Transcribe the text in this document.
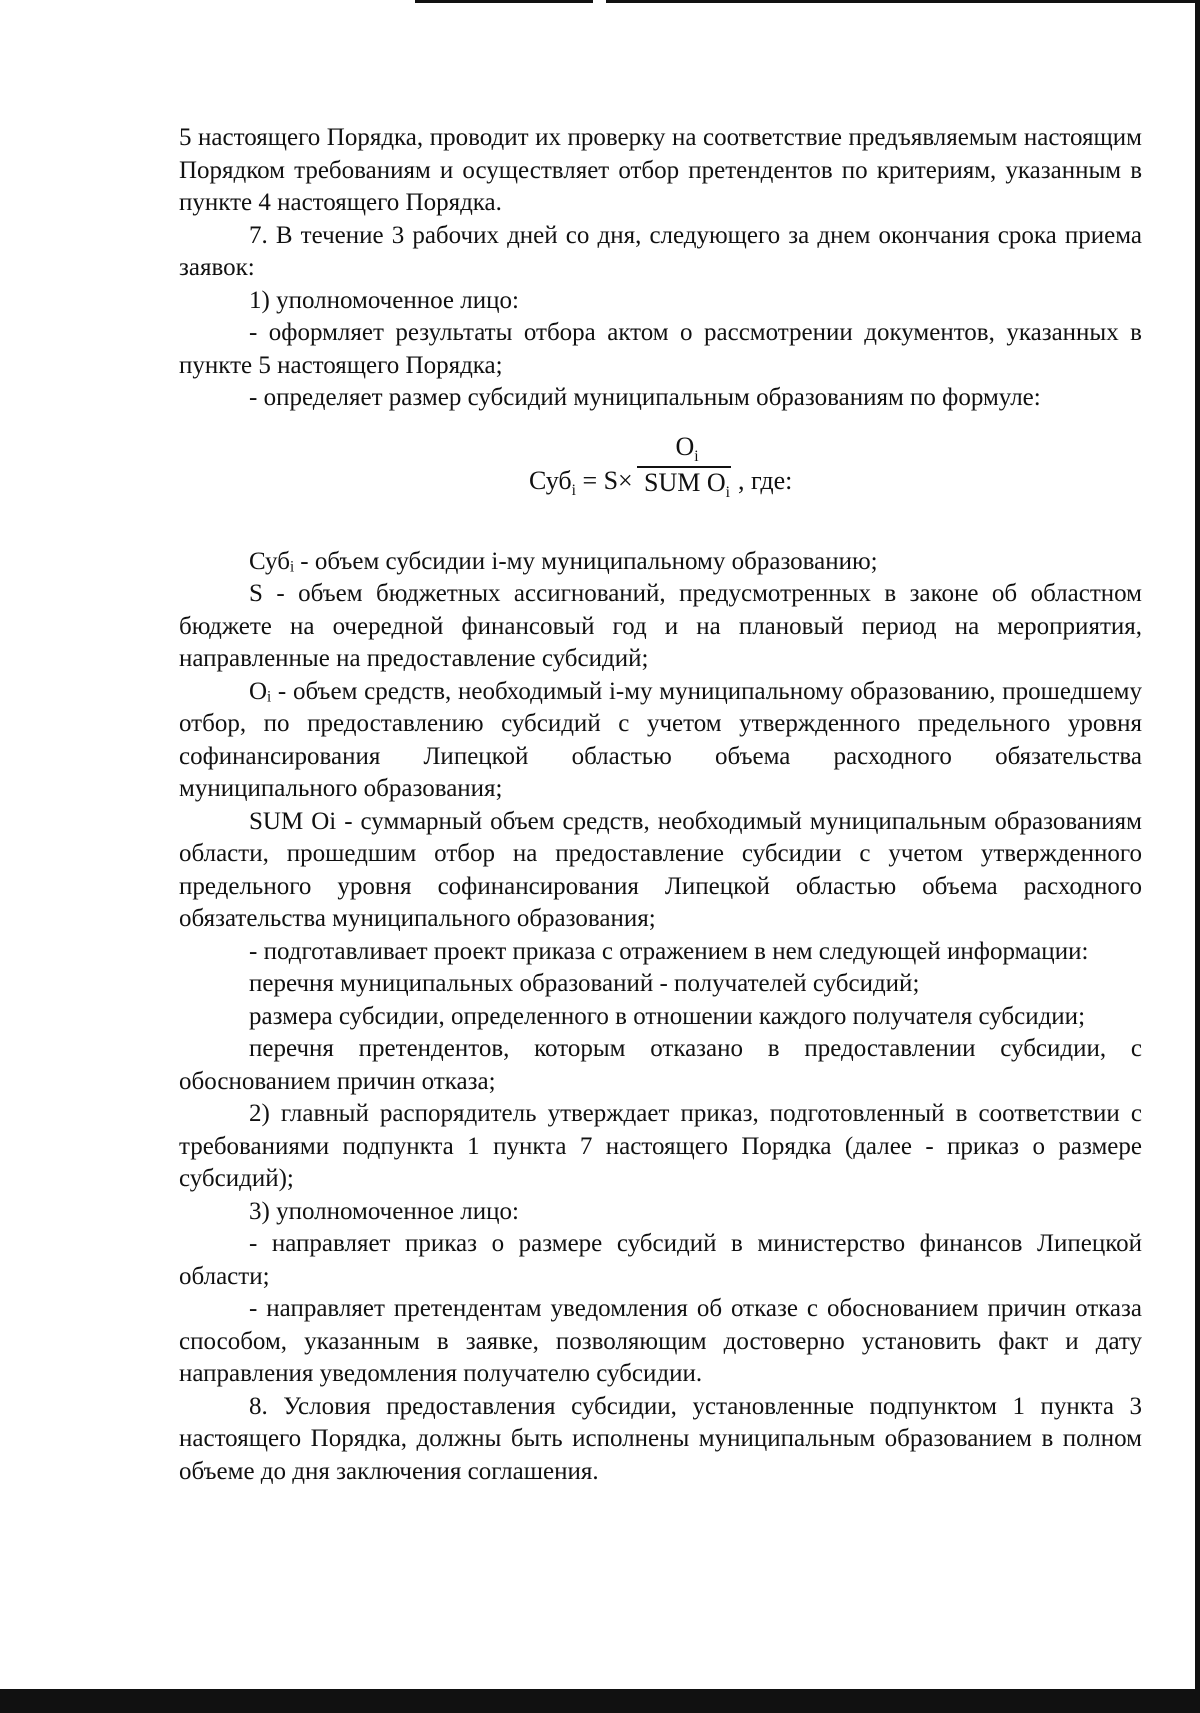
5 настоящего Порядка, проводит их проверку на соответствие предъявляемым настоящим Порядком требованиям и осуществляет отбор претендентов по критериям, указанным в пункте 4 настоящего Порядка.

7. В течение 3 рабочих дней со дня, следующего за днем окончания срока приема заявок:

1) уполномоченное лицо:

- оформляет результаты отбора актом о рассмотрении документов, указанных в пункте 5 настоящего Порядка;

- определяет размер субсидий муниципальным образованиям по формуле:

Суб$_i$ = S×
$O_i$
SUM $O_i$ , где:

Субᵢ - объем субсидии i-му муниципальному образованию;

S - объем бюджетных ассигнований, предусмотренных в законе об областном бюджете на очередной финансовый год и на плановый период на мероприятия, направленные на предоставление субсидий;

Оᵢ - объем средств, необходимый i-му муниципальному образованию, прошедшему отбор, по предоставлению субсидий с учетом утвержденного предельного уровня софинансирования Липецкой областью объема расходного обязательства муниципального образования;

SUM Oi - суммарный объем средств, необходимый муниципальным образованиям области, прошедшим отбор на предоставление субсидии с учетом утвержденного предельного уровня софинансирования Липецкой областью объема расходного обязательства муниципального образования;

- подготавливает проект приказа с отражением в нем следующей информации:

перечня муниципальных образований - получателей субсидий;

размера субсидии, определенного в отношении каждого получателя субсидии;

перечня претендентов, которым отказано в предоставлении субсидии, с обоснованием причин отказа;

2) главный распорядитель утверждает приказ, подготовленный в соответствии с требованиями подпункта 1 пункта 7 настоящего Порядка (далее - приказ о размере субсидий);

3) уполномоченное лицо:

- направляет приказ о размере субсидий в министерство финансов Липецкой области;

- направляет претендентам уведомления об отказе с обоснованием причин отказа способом, указанным в заявке, позволяющим достоверно установить факт и дату направления уведомления получателю субсидии.

8. Условия предоставления субсидии, установленные подпунктом 1 пункта 3 настоящего Порядка, должны быть исполнены муниципальным образованием в полном объеме до дня заключения соглашения.
